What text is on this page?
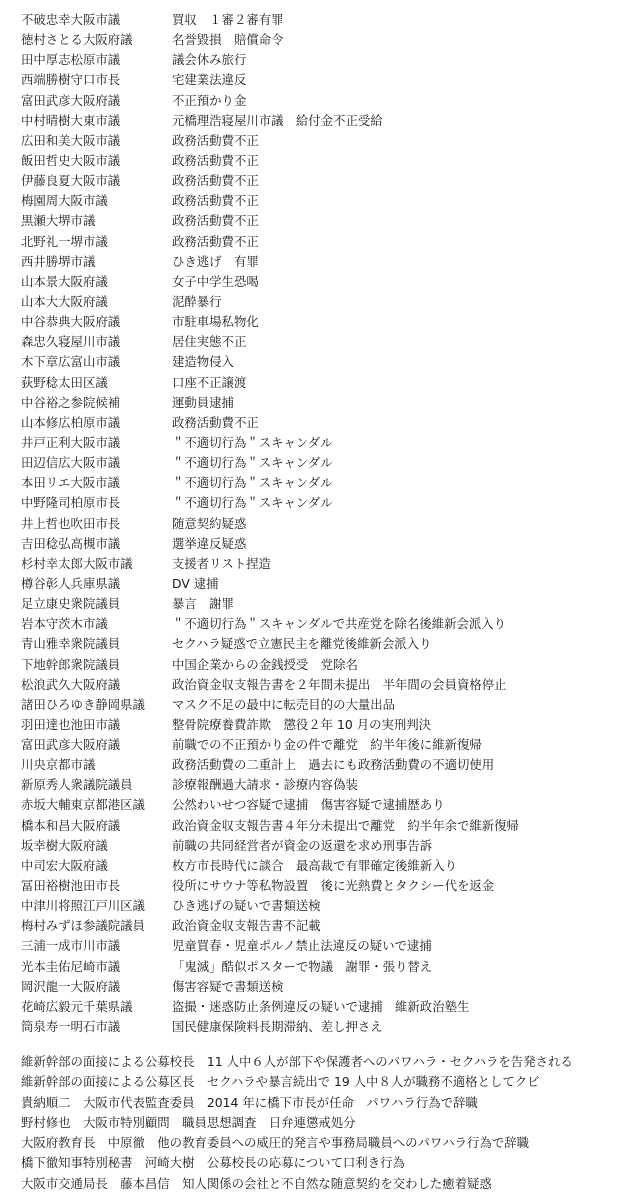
不破忠幸大阪市議	買収　１審２審有罪
徳村さとる大阪府議	名誉毀損　賠償命令
田中厚志松原市議	議会休み旅行
西端勝樹守口市長	宅建業法違反
富田武彦大阪府議	不正預かり金
中村晴樹大東市議	元橋理浩寝屋川市議　給付金不正受給
広田和美大阪市議	政務活動費不正
飯田哲史大阪市議	政務活動費不正
伊藤良夏大阪市議	政務活動費不正
梅園周大阪市議	政務活動費不正
黒瀬大堺市議	政務活動費不正
北野礼一堺市議	政務活動費不正
西井勝堺市議	ひき逃げ　有罪
山本景大阪府議	女子中学生恐喝
山本大大阪府議	泥酔暴行
中谷恭典大阪府議	市駐車場私物化
森忠久寝屋川市議	居住実態不正
木下章広富山市議	建造物侵入
荻野稔太田区議	口座不正譲渡
中谷裕之参院候補	運動員逮捕
山本修広柏原市議	政務活動費不正
井戸正利大阪市議	＂不適切行為＂スキャンダル
田辺信広大阪市議	＂不適切行為＂スキャンダル
本田リエ大阪市議	＂不適切行為＂スキャンダル
中野隆司柏原市長	＂不適切行為＂スキャンダル
井上哲也吹田市長	随意契約疑惑
吉田稔弘高槻市議	選挙違反疑惑
杉村幸太郎大阪市議	支援者リスト捏造
樽谷彰人兵庫県議	DV 逮捕
足立康史衆院議員	暴言　謝罪
岩本守茨木市議	＂不適切行為＂スキャンダルで共産党を除名後維新会派入り
青山雅幸衆院議員	セクハラ疑惑で立憲民主を離党後維新会派入り
下地幹郎衆院議員	中国企業からの金銭授受　党除名
松浪武久大阪府議	政治資金収支報告書を２年間未提出　半年間の会員資格停止
諸田ひろゆき静岡県議	マスク不足の最中に転売目的の大量出品
羽田達也池田市議	整骨院療養費詐欺　懲役２年 10 月の実刑判決
富田武彦大阪府議	前職での不正預かり金の件で離党　約半年後に維新復帰
川央京都市議	政務活動費の二重計上　過去にも政務活動費の不適切使用
新原秀人衆議院議員	診療報酬過大請求・診療内容偽装
赤坂大輔東京都港区議	公然わいせつ容疑で逮捕　傷害容疑で逮捕歴あり
橋本和昌大阪府議	政治資金収支報告書４年分未提出で離党　約半年余で維新復帰
坂幸樹大阪府議	前職の共同経営者が資金の返還を求め刑事告訴
中司宏大阪府議	枚方市長時代に談合　最高裁で有罪確定後維新入り
冨田裕樹池田市長	役所にサウナ等私物設置　後に光熱費とタクシー代を返金
中津川将照江戸川区議	ひき逃げの疑いで書類送検
梅村みずほ参議院議員	政治資金収支報告書不記載
三浦一成市川市議	児童買春・児童ポルノ禁止法違反の疑いで逮捕
光本圭佑尼崎市議	「鬼滅」酷似ポスターで物議　謝罪・張り替え
岡沢龍一大阪府議	傷害容疑で書類送検
花崎広毅元千葉県議	盗撮・迷惑防止条例違反の疑いで逮捕　維新政治塾生
筒泉寿一明石市議	国民健康保険料長期滞納、差し押さえ
維新幹部の面接による公募校長　11 人中６人が部下や保護者へのパワハラ・セクハラを告発される
維新幹部の面接による公募区長　セクハラや暴言続出で 19 人中８人が職務不適格としてクビ
貴納順二　大阪市代表監査委員　2014 年に橋下市長が任命　パワハラ行為で辞職
野村修也　大阪市特別顧問　職員思想調査　日弁連懲戒処分
大阪府教育長　中原徹　他の教育委員への威圧的発言や事務局職員へのパワハラ行為で辞職
橋下徹知事特別秘書　河崎大樹　公募校長の応募について口利き行為
大阪市交通局長　藤本昌信　知人関係の会社と不自然な随意契約を交わした癒着疑惑
